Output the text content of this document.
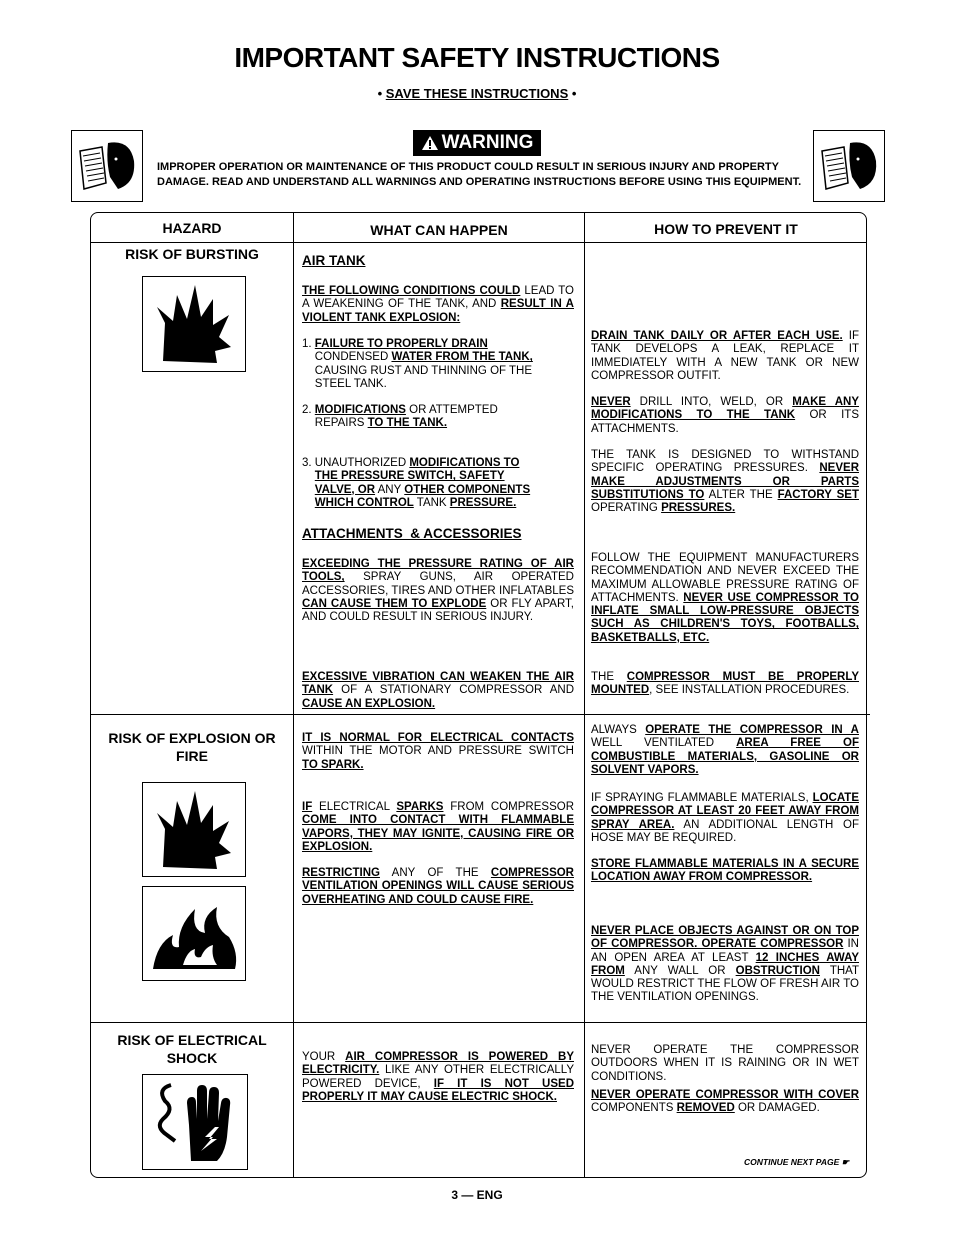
IMPORTANT SAFETY INSTRUCTIONS
• SAVE THESE INSTRUCTIONS •
WARNING
IMPROPER OPERATION OR MAINTENANCE OF THIS PRODUCT COULD RESULT IN SERIOUS INJURY AND PROPERTY DAMAGE. READ AND UNDERSTAND ALL WARNINGS AND OPERATING INSTRUCTIONS BEFORE USING THIS EQUIPMENT.
HAZARD	WHAT CAN HAPPEN	HOW TO PREVENT IT
RISK OF BURSTING
RISK OF EXPLOSION OR FIRE
RISK OF ELECTRICAL SHOCK
AIR TANK
THE FOLLOWING CONDITIONS COULD LEAD TO A WEAKENING OF THE TANK, AND RESULT IN A VIOLENT TANK EXPLOSION:
1. FAILURE TO PROPERLY DRAIN
CONDENSED WATER FROM THE TANK,
CAUSING RUST AND THINNING OF THE
STEEL TANK.
2. MODIFICATIONS OR ATTEMPTED
REPAIRS TO THE TANK.
3. UNAUTHORIZED MODIFICATIONS TO
THE PRESSURE SWITCH, SAFETY
VALVE, OR ANY OTHER COMPONENTS
WHICH CONTROL TANK PRESSURE.
ATTACHMENTS  & ACCESSORIES
EXCEEDING THE PRESSURE RATING OF AIR TOOLS, SPRAY GUNS, AIR OPERATED ACCESSORIES, TIRES AND OTHER INFLATABLES CAN CAUSE THEM TO EXPLODE OR FLY APART, AND COULD RESULT IN SERIOUS INJURY.
EXCESSIVE VIBRATION CAN WEAKEN THE AIR TANK OF A STATIONARY COMPRESSOR AND CAUSE AN EXPLOSION.
IT IS NORMAL FOR ELECTRICAL CONTACTS WITHIN THE MOTOR AND PRESSURE SWITCH TO SPARK.
IF ELECTRICAL SPARKS FROM COMPRESSOR COME INTO CONTACT WITH FLAMMABLE VAPORS, THEY MAY IGNITE, CAUSING FIRE OR EXPLOSION.
RESTRICTING ANY OF THE COMPRESSOR VENTILATION OPENINGS WILL CAUSE SERIOUS OVERHEATING AND COULD CAUSE FIRE.
YOUR AIR COMPRESSOR IS POWERED BY ELECTRICITY. LIKE ANY OTHER ELECTRICALLY POWERED DEVICE, IF IT IS NOT USED PROPERLY IT MAY CAUSE ELECTRIC SHOCK.
DRAIN TANK DAILY OR AFTER EACH USE. IF TANK DEVELOPS A LEAK, REPLACE IT IMMEDIATELY WITH A NEW TANK OR NEW COMPRESSOR OUTFIT.
NEVER DRILL INTO, WELD, OR MAKE ANY MODIFICATIONS TO THE TANK OR ITS ATTACHMENTS.
THE TANK IS DESIGNED TO WITHSTAND SPECIFIC OPERATING PRESSURES. NEVER MAKE ADJUSTMENTS OR PARTS SUBSTITUTIONS TO ALTER THE FACTORY SET OPERATING PRESSURES.
FOLLOW THE EQUIPMENT MANUFACTURERS RECOMMENDATION AND NEVER EXCEED THE MAXIMUM ALLOWABLE PRESSURE RATING OF ATTACHMENTS. NEVER USE COMPRESSOR TO INFLATE SMALL LOW-PRESSURE OBJECTS SUCH AS CHILDREN'S TOYS, FOOTBALLS, BASKETBALLS, ETC.
THE COMPRESSOR MUST BE PROPERLY MOUNTED, SEE INSTALLATION PROCEDURES.
ALWAYS OPERATE THE COMPRESSOR IN A WELL VENTILATED AREA FREE OF COMBUSTIBLE MATERIALS, GASOLINE OR SOLVENT VAPORS.
IF SPRAYING FLAMMABLE MATERIALS, LOCATE COMPRESSOR AT LEAST 20 FEET AWAY FROM SPRAY AREA. AN ADDITIONAL LENGTH OF HOSE MAY BE REQUIRED.
STORE FLAMMABLE MATERIALS IN A SECURE LOCATION AWAY FROM COMPRESSOR.
NEVER PLACE OBJECTS AGAINST OR ON TOP OF COMPRESSOR. OPERATE COMPRESSOR IN AN OPEN AREA AT LEAST 12 INCHES AWAY FROM ANY WALL OR OBSTRUCTION THAT WOULD RESTRICT THE FLOW OF FRESH AIR TO THE VENTILATION OPENINGS.
NEVER OPERATE THE COMPRESSOR OUTDOORS WHEN IT IS RAINING OR IN WET CONDITIONS.
NEVER OPERATE COMPRESSOR WITH COVER COMPONENTS REMOVED OR DAMAGED.
CONTINUE NEXT PAGE ☛
3 — ENG
